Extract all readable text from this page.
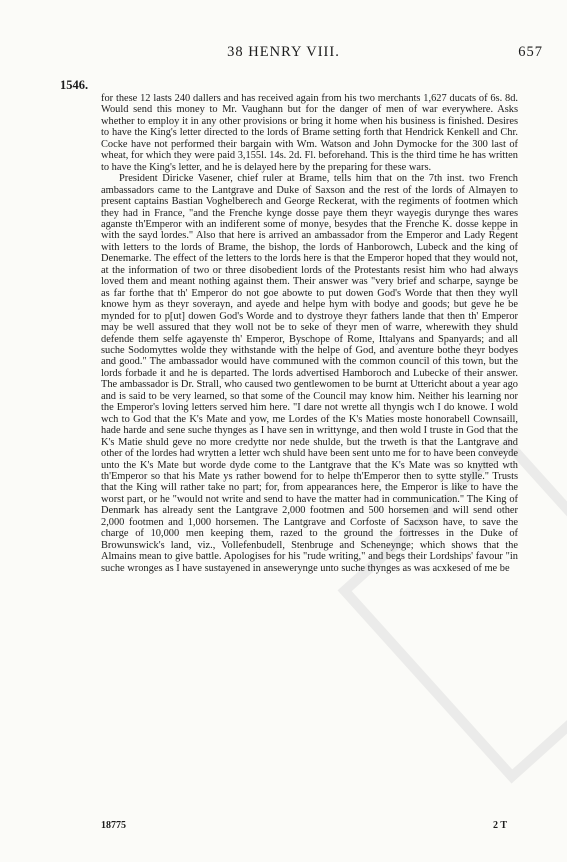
38 HENRY VIII.	657
1546.

for these 12 lasts 240 dallers and has received again from his two merchants 1,627 ducats of 6s. 8d. Would send this money to Mr. Vaughann but for the danger of men of war everywhere. Asks whether to employ it in any other provisions or bring it home when his business is finished. Desires to have the King's letter directed to the lords of Brame setting forth that Hendrick Kenkell and Chr. Cocke have not performed their bargain with Wm. Watson and John Dymocke for the 300 last of wheat, for which they were paid 3,155l. 14s. 2d. Fl. beforehand. This is the third time he has written to have the King's letter, and he is delayed here by the preparing for these wars.

President Diricke Vasener, chief ruler at Brame, tells him that on the 7th inst. two French ambassadors came to the Lantgrave and Duke of Saxson and the rest of the lords of Almayen to present captains Bastian Voghelberech and George Reckerat, with the regiments of footmen which they had in France, "and the Frenche kynge dosse paye them theyr wayegis durynge thes wares aganste th'Emperor with an indiferent some of monye, besydes that the Frenche K. dosse keppe in with the sayd lordes." Also that here is arrived an ambassador from the Emperor and Lady Regent with letters to the lords of Brame, the bishop, the lords of Hanborowch, Lubeck and the king of Denemarke. The effect of the letters to the lords here is that the Emperor hoped that they would not, at the information of two or three disobedient lords of the Protestants resist him who had always loved them and meant nothing against them. Their answer was "very brief and scharpe, saynge be as far forthe that th' Emperor do not goe abowte to put dowen God's Worde that then they wyll knowe hym as theyr soverayn, and ayede and helpe hym with bodye and goods; but geve he be mynded for to p[ut] dowen God's Worde and to dystroye theyr fathers lande that then th' Emperor may be well assured that they woll not be to seke of theyr men of warre, wherewith they shuld defende them selfe agayenste th' Emperor, Byschope of Rome, Ittalyans and Spanyards; and all suche Sodomyttes wolde they withstande with the helpe of God, and aventure bothe theyr bodyes and good." The ambassador would have communed with the common council of this town, but the lords forbade it and he is departed. The lords advertised Hamboroch and Lubecke of their answer. The ambassador is Dr. Strall, who caused two gentlewomen to be burnt at Uttericht about a year ago and is said to be very learned, so that some of the Council may know him. Neither his learning nor the Emperor's loving letters served him here. "I dare not wrette all thyngis wch I do knowe. I wold wch to God that the K's Mate and yow, me Lordes of the K's Maties moste honorabell Cownsaill, hade harde and sene suche thynges as I have sen in writtynge, and then wold I truste in God that the K's Matie shuld geve no more credytte nor nede shulde, but the trweth is that the Lantgrave and other of the lordes had wrytten a letter wch shuld have been sent unto me for to have been conveyde unto the K's Mate but worde dyde come to the Lantgrave that the K's Mate was so knytted wth th'Emperor so that his Mate ys rather bowend for to helpe th'Emperor then to sytte stylle." Trusts that the King will rather take no part; for, from appearances here, the Emperor is like to have the worst part, or he "would not write and send to have the matter had in communication." The King of Denmark has already sent the Lantgrave 2,000 footmen and 500 horsemen and will send other 2,000 footmen and 1,000 horsemen. The Lantgrave and Corfoste of Sacxson have, to save the charge of 10,000 men keeping them, razed to the ground the fortresses in the Duke of Browunswick's land, viz., Vollefenbudell, Stenbruge and Scheneynge; which shows that the Almains mean to give battle. Apologises for his "rude writing," and begs their Lordships' favour "in suche wronges as I have sustayened in anseweryngе unto suche thynges as was acxkesed of me be

18775	2 T
